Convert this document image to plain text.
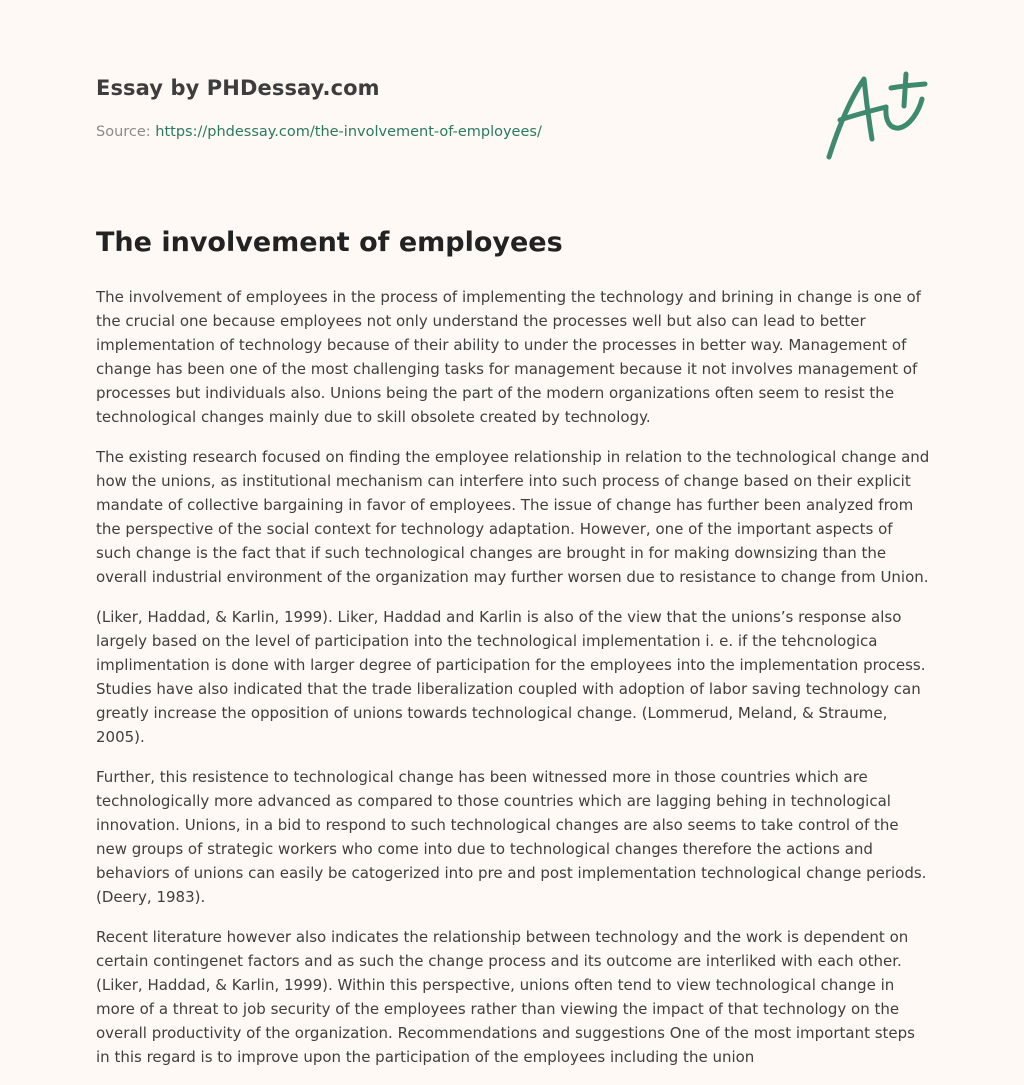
Essay by PHDessay.com

Source: https://phdessay.com/the-involvement-of-employees/

The involvement of employees

The involvement of employees in the process of implementing the technology and brining in change is one of the crucial one because employees not only understand the processes well but also can lead to better implementation of technology because of their ability to under the processes in better way. Management of change has been one of the most challenging tasks for management because it not involves management of processes but individuals also. Unions being the part of the modern organizations often seem to resist the technological changes mainly due to skill obsolete created by technology.

The existing research focused on finding the employee relationship in relation to the technological change and how the unions, as institutional mechanism can interfere into such process of change based on their explicit mandate of collective bargaining in favor of employees. The issue of change has further been analyzed from the perspective of the social context for technology adaptation. However, one of the important aspects of such change is the fact that if such technological changes are brought in for making downsizing than the overall industrial environment of the organization may further worsen due to resistance to change from Union.

(Liker, Haddad, & Karlin, 1999). Liker, Haddad and Karlin is also of the view that the unions’s response also largely based on the level of participation into the technological implementation i. e. if the tehcnologica implimentation is done with larger degree of participation for the employees into the implementation process. Studies have also indicated that the trade liberalization coupled with adoption of labor saving technology can greatly increase the opposition of unions towards technological change. (Lommerud, Meland, & Straume, 2005).

Further, this resistence to technological change has been witnessed more in those countries which are technologically more advanced as compared to those countries which are lagging behing in technological innovation. Unions, in a bid to respond to such technological changes are also seems to take control of the new groups of strategic workers who come into due to technological changes therefore the actions and behaviors of unions can easily be catogerized into pre and post implementation technological change periods. (Deery, 1983).

Recent literature however also indicates the relationship between technology and the work is dependent on certain contingenet factors and as such the change process and its outcome are interliked with each other. (Liker, Haddad, & Karlin, 1999). Within this perspective, unions often tend to view technological change in more of a threat to job security of the employees rather than viewing the impact of that technology on the overall productivity of the organization. Recommendations and suggestions One of the most important steps in this regard is to improve upon the participation of the employees including the union
